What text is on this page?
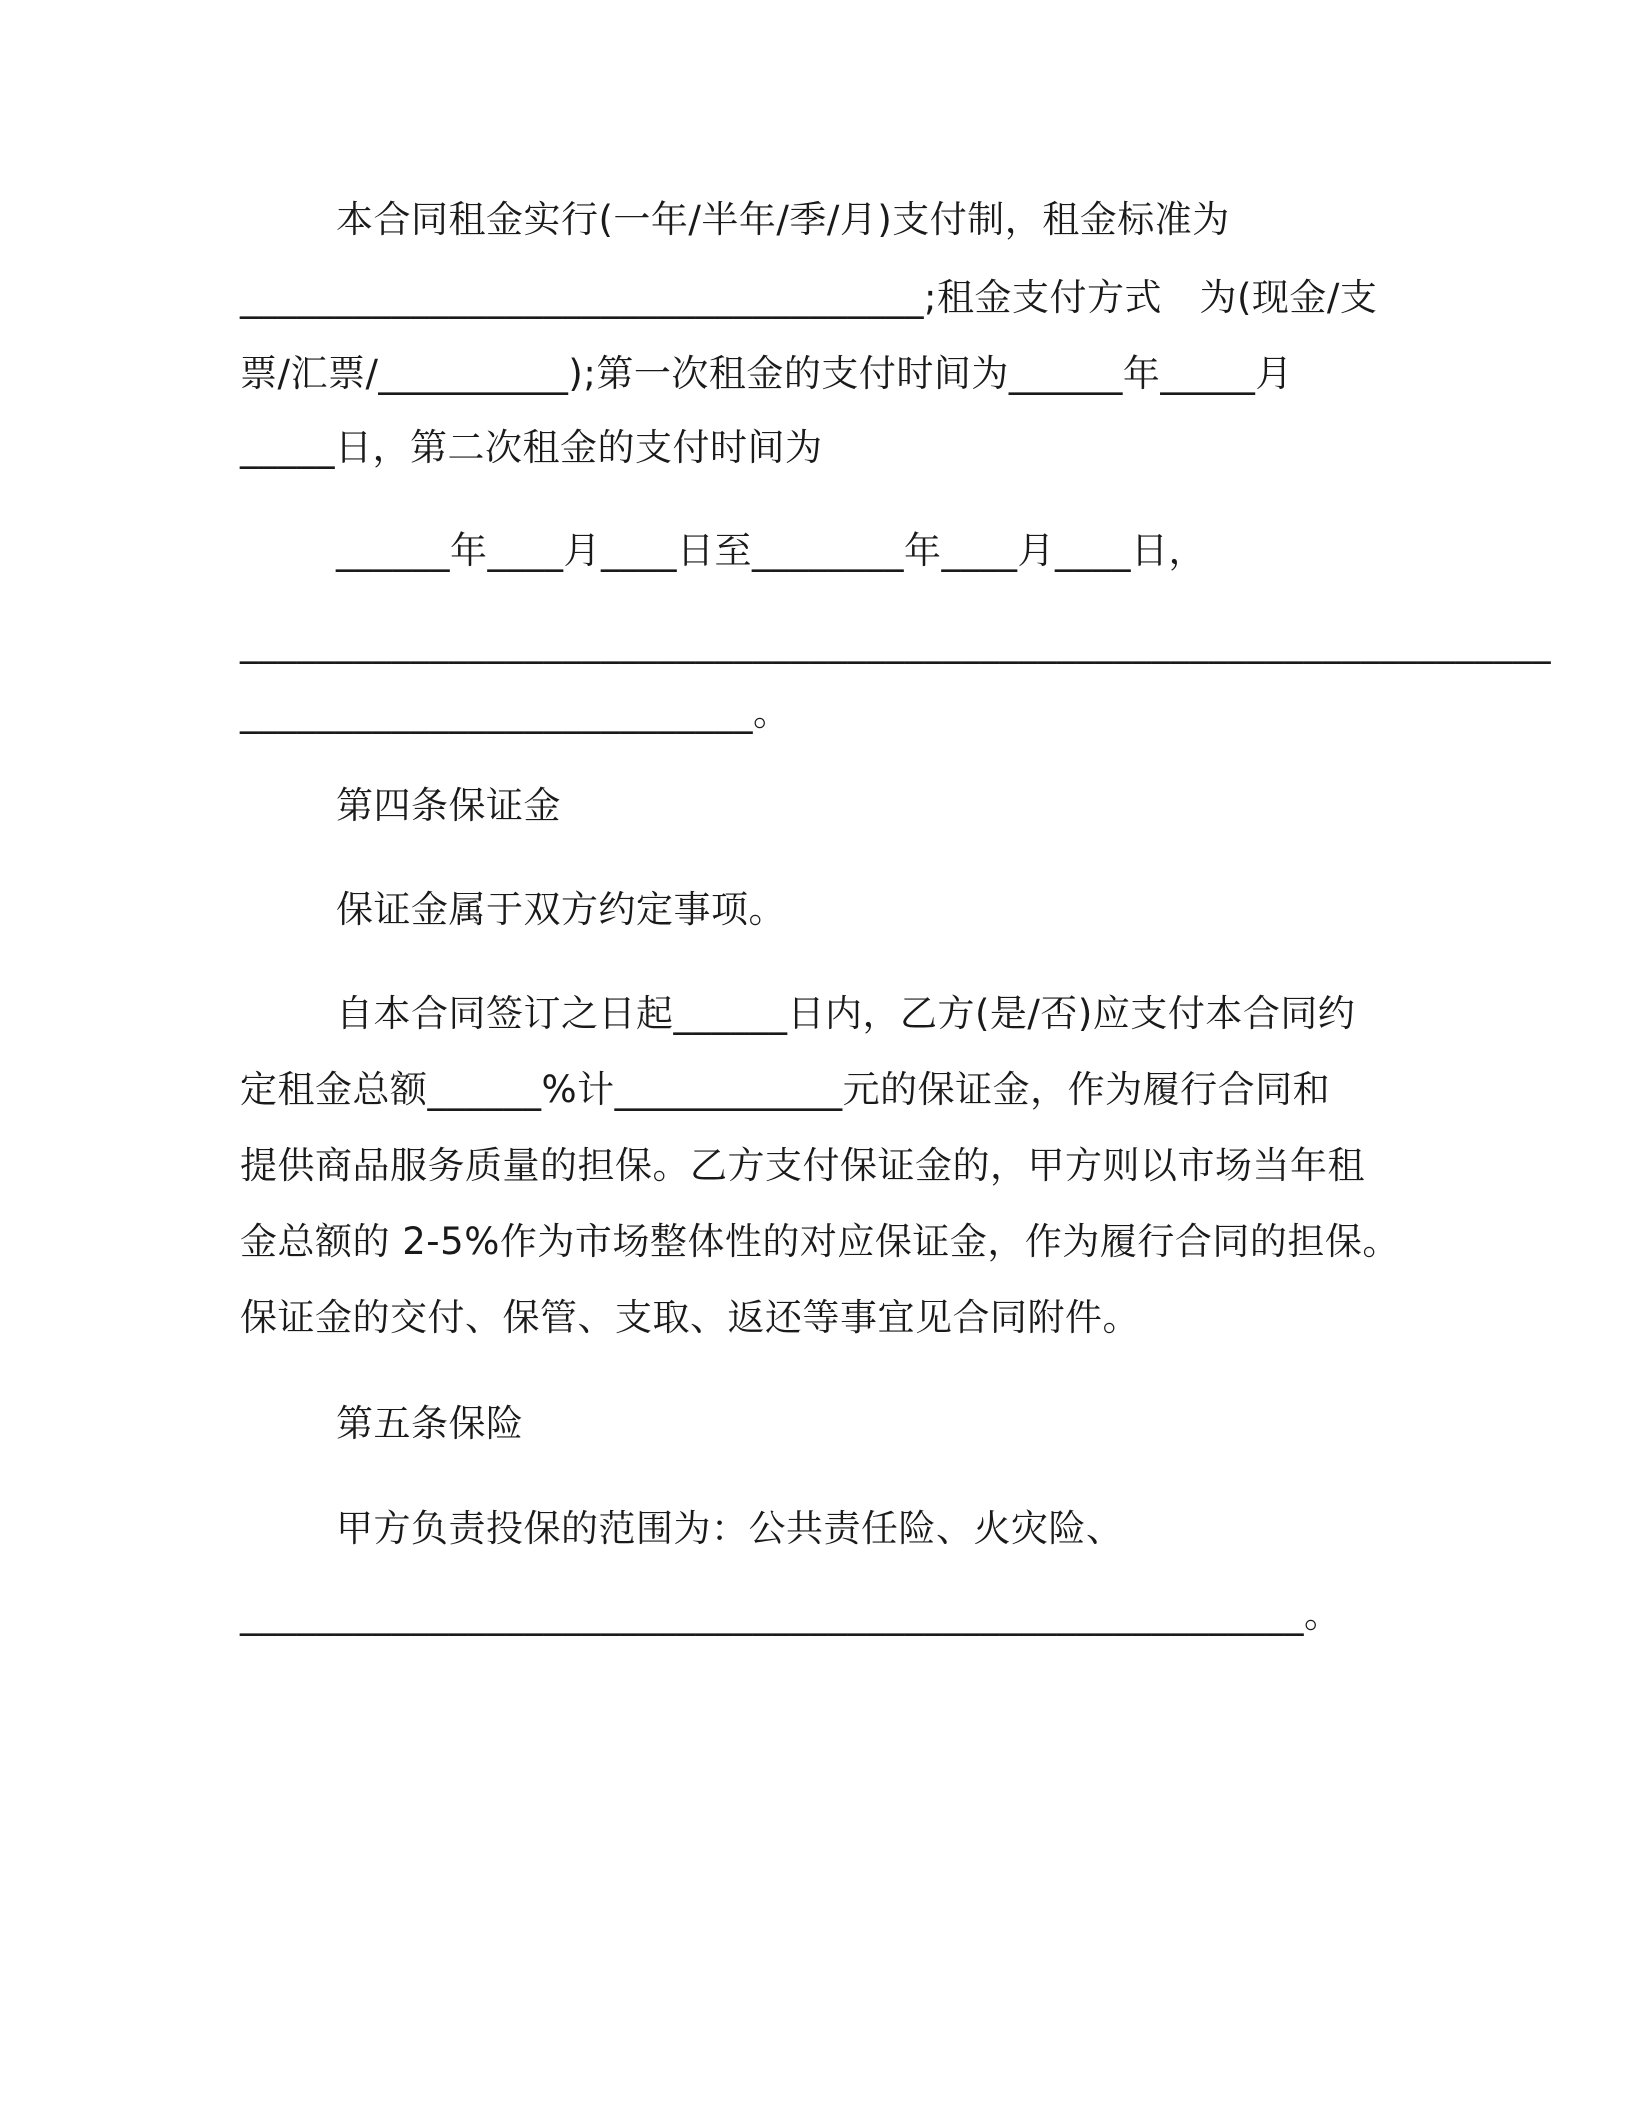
本合同租金实行(一年/半年/季/月)支付制，租金标准为
____________________________________;租金支付方式　为(现金/支
票/汇票/__________);第一次租金的支付时间为______年_____月
_____日，第二次租金的支付时间为
______年____月____日至________年____月____日，
_____________________________________________________________________
___________________________。
第四条保证金
保证金属于双方约定事项。
自本合同签订之日起______日内，乙方(是/否)应支付本合同约
定租金总额______%计____________元的保证金，作为履行合同和
提供商品服务质量的担保。乙方支付保证金的，甲方则以市场当年租
金总额的 2-5%作为市场整体性的对应保证金，作为履行合同的担保。
保证金的交付、保管、支取、返还等事宜见合同附件。
第五条保险
甲方负责投保的范围为：公共责任险、火灾险、
________________________________________________________。
